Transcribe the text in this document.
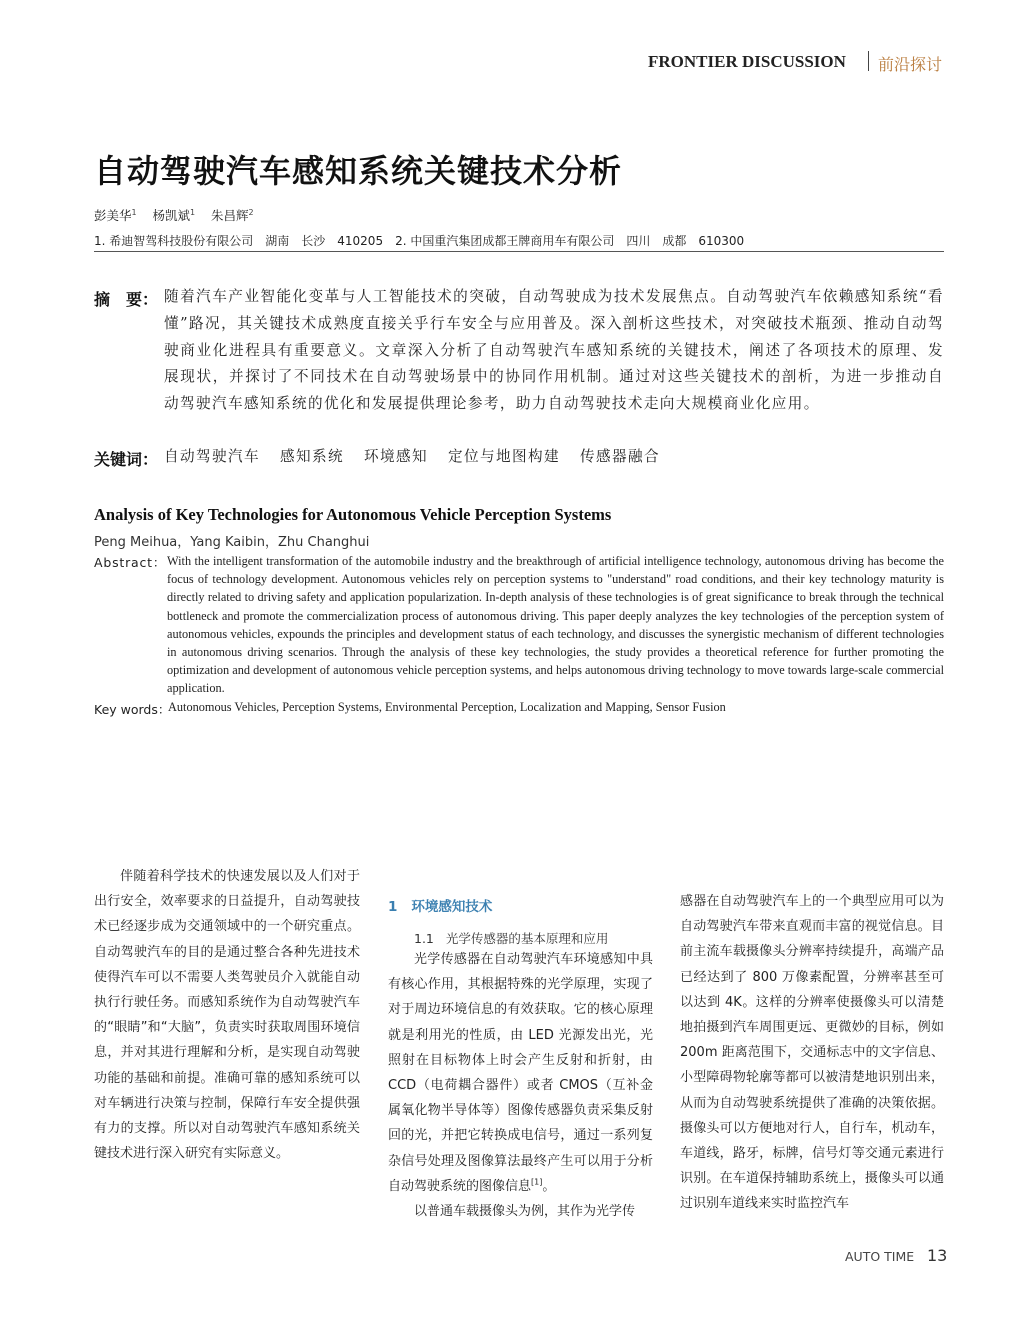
FRONTIER DISCUSSION 前沿探讨
自动驾驶汽车感知系统关键技术分析
彭美华$^1$ 杨凯斌$^1$ 朱昌辉$^2$
1. 希迪智驾科技股份有限公司　湖南　长沙　410205　2. 中国重汽集团成都王牌商用车有限公司　四川　成都　610300
摘　要： 随着汽车产业智能化变革与人工智能技术的突破，自动驾驶成为技术发展焦点。自动驾驶汽车依赖感知系统“看懂”路况，其关键技术成熟度直接关乎行车安全与应用普及。深入剖析这些技术，对突破技术瓶颈、推动自动驾驶商业化进程具有重要意义。文章深入分析了自动驾驶汽车感知系统的关键技术，阐述了各项技术的原理、发展现状，并探讨了不同技术在自动驾驶场景中的协同作用机制。通过对这些关键技术的剖析，为进一步推动自动驾驶汽车感知系统的优化和发展提供理论参考，助力自动驾驶技术走向大规模商业化应用。
关键词： 自动驾驶汽车 感知系统 环境感知 定位与地图构建 传感器融合
Analysis of Key Technologies for Autonomous Vehicle Perception Systems
Peng Meihua，Yang Kaibin，Zhu Changhui
Abstract： With the intelligent transformation of the automobile industry and the breakthrough of artificial intelligence technology, autonomous driving has become the focus of technology development. Autonomous vehicles rely on perception systems to "understand" road conditions, and their key technology maturity is directly related to driving safety and application popularization. In-depth analysis of these technologies is of great significance to break through the technical bottleneck and promote the commercialization process of autonomous driving. This paper deeply analyzes the key technologies of the perception system of autonomous vehicles, expounds the principles and development status of each technology, and discusses the synergistic mechanism of different technologies in autonomous driving scenarios. Through the analysis of these key technologies, the study provides a theoretical reference for further promoting the optimization and development of autonomous vehicle perception systems, and helps autonomous driving technology to move towards large-scale commercial application.
Key words：
Autonomous Vehicles, Perception Systems, Environmental Perception, Localization and Mapping, Sensor Fusion

伴随着科学技术的快速发展以及人们对于出行安全，效率要求的日益提升，自动驾驶技术已经逐步成为交通领域中的一个研究重点。自动驾驶汽车的目的是通过整合各种先进技术使得汽车可以不需要人类驾驶员介入就能自动执行行驶任务。而感知系统作为自动驾驶汽车的“眼睛”和“大脑”，负责实时获取周围环境信息，并对其进行理解和分析，是实现自动驾驶功能的基础和前提。准确可靠的感知系统可以对车辆进行决策与控制，保障行车安全提供强有力的支撑。所以对自动驾驶汽车感知系统关键技术进行深入研究有实际意义。

1 环境感知技术
1.1 光学传感器的基本原理和应用

光学传感器在自动驾驶汽车环境感知中具有核心作用，其根据特殊的光学原理，实现了对于周边环境信息的有效获取。它的核心原理就是利用光的性质，由 LED 光源发出光，光照射在目标物体上时会产生反射和折射，由 CCD（电荷耦合器件）或者 CMOS（互补金属氧化物半导体等）图像传感器负责采集反射回的光，并把它转换成电信号，通过一系列复杂信号处理及图像算法最终产生可以用于分析自动驾驶系统的图像信息[1]。

以普通车载摄像头为例，其作为光学传

感器在自动驾驶汽车上的一个典型应用可以为自动驾驶汽车带来直观而丰富的视觉信息。目前主流车载摄像头分辨率持续提升，高端产品已经达到了 800 万像素配置，分辨率甚至可以达到 4K。这样的分辨率使摄像头可以清楚地拍摄到汽车周围更远、更微妙的目标，例如 200m 距离范围下，交通标志中的文字信息、小型障碍物轮廓等都可以被清楚地识别出来，从而为自动驾驶系统提供了准确的决策依据。摄像头可以方便地对行人，自行车，机动车，车道线，路牙，标牌，信号灯等交通元素进行识别。在车道保持辅助系统上，摄像头可以通过识别车道线来实时监控汽车

AUTO TIME 13
